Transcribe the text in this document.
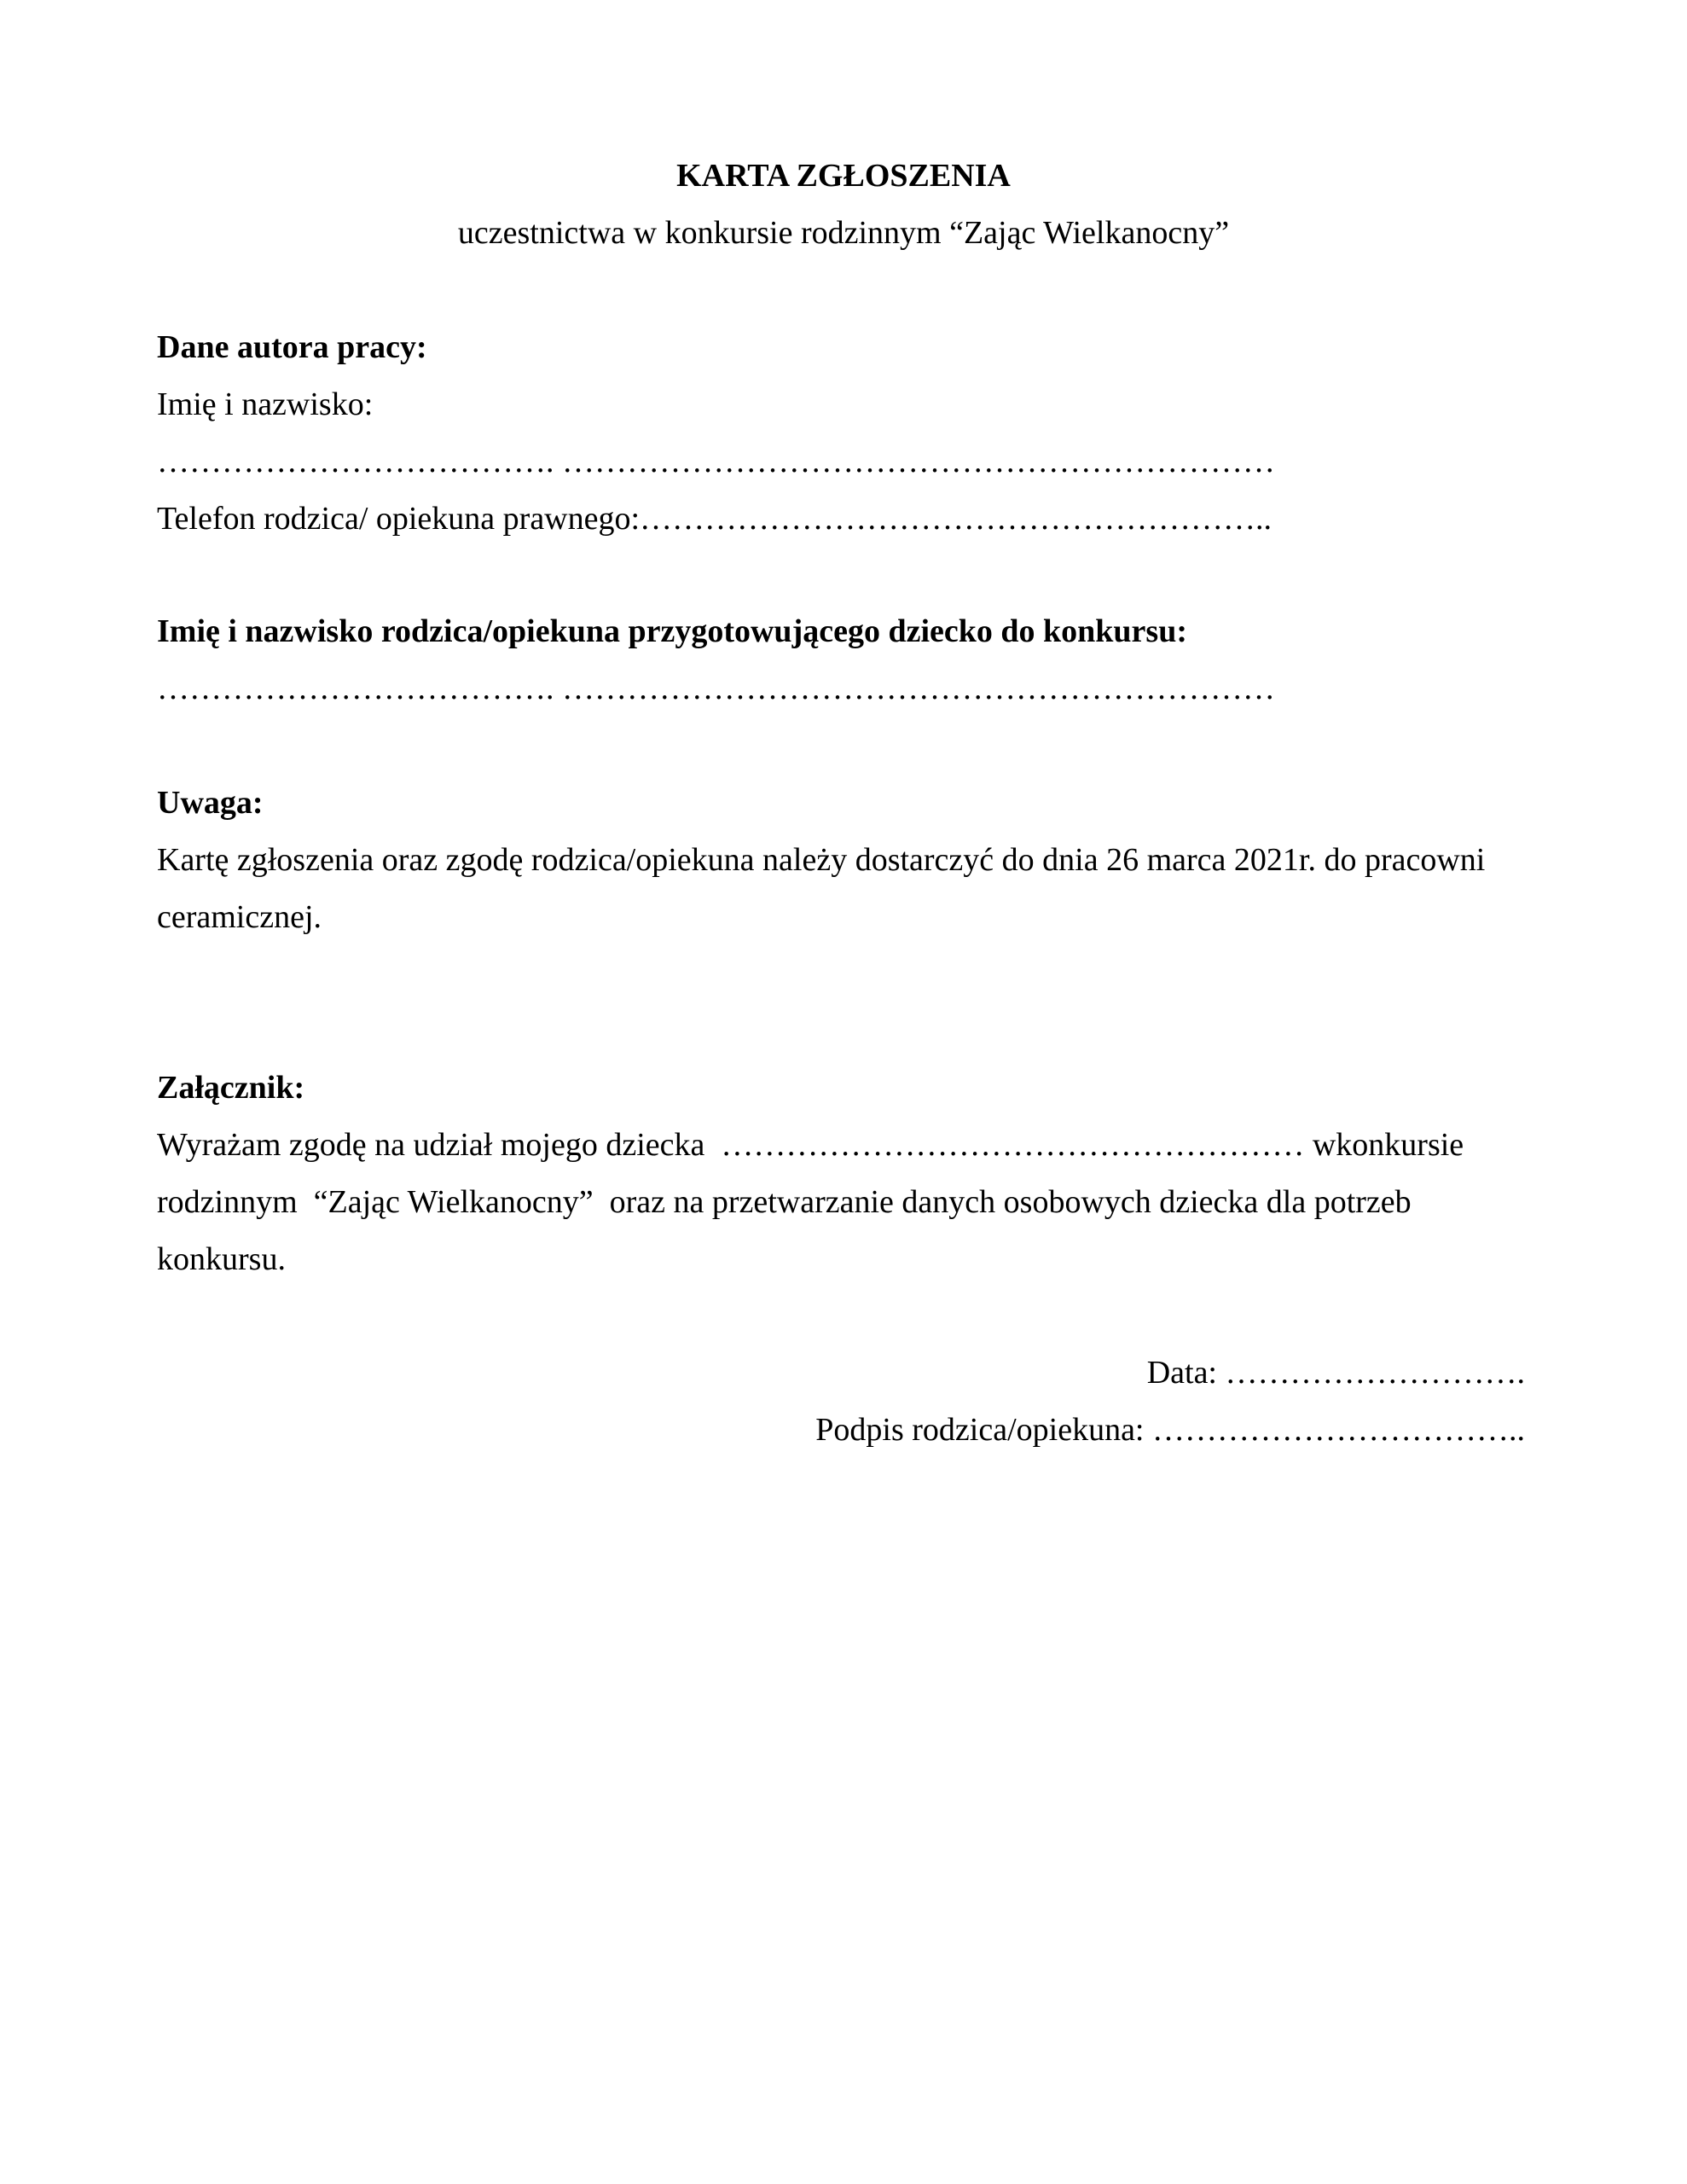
KARTA ZGŁOSZENIA
uczestnictwa w konkursie rodzinnym “Zając Wielkanocny”
Dane autora pracy:
Imię i nazwisko:
………………………………. …………………………………………………………
Telefon rodzica/ opiekuna prawnego:…………………………………………………..
Imię i nazwisko rodzica/opiekuna przygotowującego dziecko do konkursu:
………………………………. …………………………………………………………
Uwaga:
Kartę zgłoszenia oraz zgodę rodzica/opiekuna należy dostarczyć do dnia 26 marca 2021r. do pracowni
ceramicznej.
Załącznik:
Wyrażam zgodę na udział mojego dziecka  ……………………………………………… wkonkursie
rodzinnym  “Zając Wielkanocny”  oraz na przetwarzanie danych osobowych dziecka dla potrzeb
konkursu.
Data: ……………………….
Podpis rodzica/opiekuna: ……………………………..
